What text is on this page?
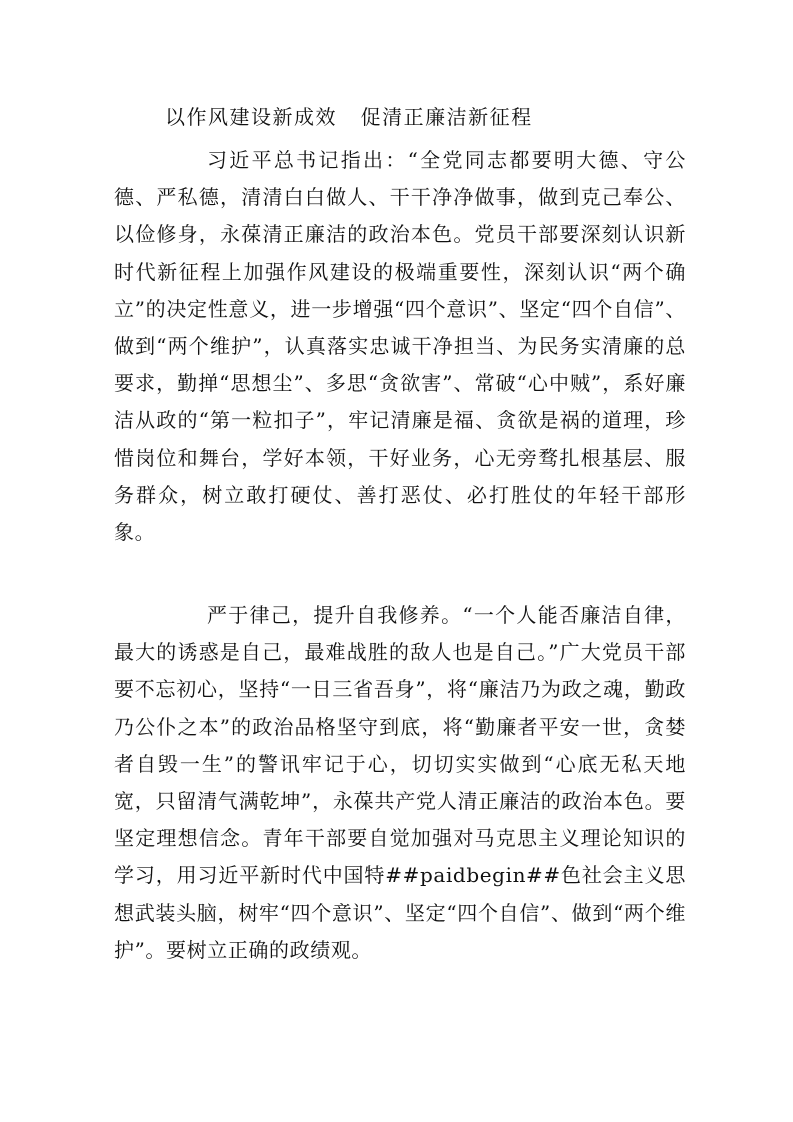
以作风建设新成效   促清正廉洁新征程

习近平总书记指出：“全党同志都要明大德、守公德、严私德，清清白白做人、干干净净做事，做到克己奉公、以俭修身，永葆清正廉洁的政治本色。党员干部要深刻认识新时代新征程上加强作风建设的极端重要性，深刻认识“两个确立”的决定性意义，进一步增强“四个意识”、坚定“四个自信”、做到“两个维护”，认真落实忠诚干净担当、为民务实清廉的总要求，勤掸“思想尘”、多思“贪欲害”、常破“心中贼”，系好廉洁从政的“第一粒扣子”，牢记清廉是福、贪欲是祸的道理，珍惜岗位和舞台，学好本领，干好业务，心无旁骛扎根基层、服务群众，树立敢打硬仗、善打恶仗、必打胜仗的年轻干部形象。

严于律己，提升自我修养。“一个人能否廉洁自律，最大的诱惑是自己，最难战胜的敌人也是自己。”广大党员干部要不忘初心，坚持“一日三省吾身”，将“廉洁乃为政之魂，勤政乃公仆之本”的政治品格坚守到底，将“勤廉者平安一世，贪婪者自毁一生”的警讯牢记于心，切切实实做到“心底无私天地宽，只留清气满乾坤”，永葆共产党人清正廉洁的政治本色。要坚定理想信念。青年干部要自觉加强对马克思主义理论知识的学习，用习近平新时代中国特##paidbegin##色社会主义思想武装头脑，树牢“四个意识”、坚定“四个自信”、做到“两个维护”。要树立正确的政绩观。
